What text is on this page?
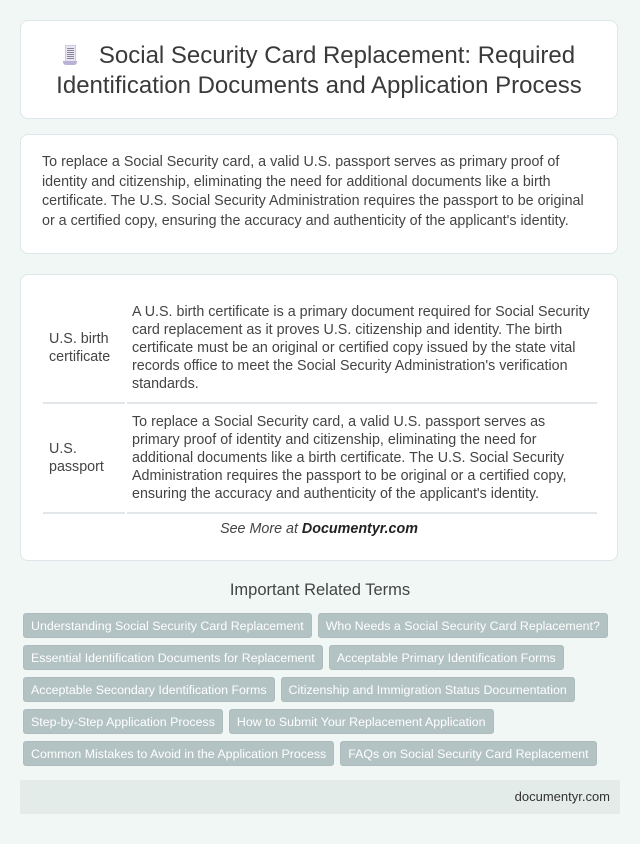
Social Security Card Replacement: Required Identification Documents and Application Process

To replace a Social Security card, a valid U.S. passport serves as primary proof of identity and citizenship, eliminating the need for additional documents like a birth certificate. The U.S. Social Security Administration requires the passport to be original or a certified copy, ensuring the accuracy and authenticity of the applicant's identity.

U.S. birth certificate	A U.S. birth certificate is a primary document required for Social Security card replacement as it proves U.S. citizenship and identity. The birth certificate must be an original or certified copy issued by the state vital records office to meet the Social Security Administration's verification standards.
U.S. passport	To replace a Social Security card, a valid U.S. passport serves as primary proof of identity and citizenship, eliminating the need for additional documents like a birth certificate. The U.S. Social Security Administration requires the passport to be original or a certified copy, ensuring the accuracy and authenticity of the applicant's identity.
See More at Documentyr.com
Important Related Terms
Understanding Social Security Card Replacement	Who Needs a Social Security Card Replacement?
Essential Identification Documents for Replacement	Acceptable Primary Identification Forms
Acceptable Secondary Identification Forms	Citizenship and Immigration Status Documentation
Step-by-Step Application Process	How to Submit Your Replacement Application
Common Mistakes to Avoid in the Application Process	FAQs on Social Security Card Replacement
documentyr.com
